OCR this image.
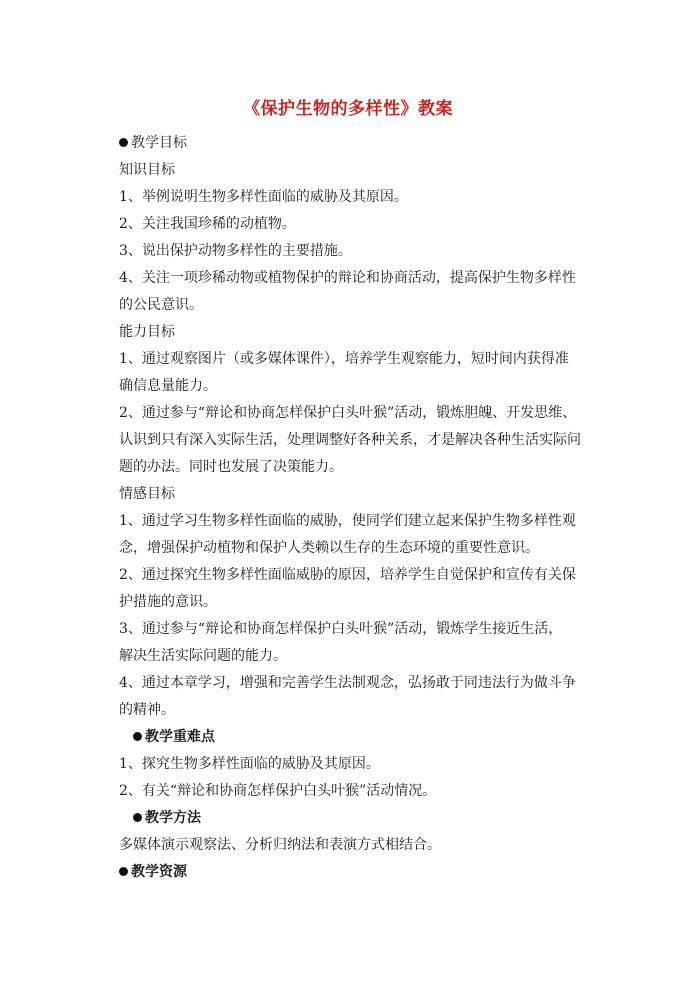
《保护生物的多样性》教案
教学目标
知识目标
1、举例说明生物多样性面临的威胁及其原因。
2、关注我国珍稀的动植物。
3、说出保护动物多样性的主要措施。
4、关注一项珍稀动物或植物保护的辩论和协商活动，提高保护生物多样性
的公民意识。
能力目标
1、通过观察图片（或多媒体课件），培养学生观察能力，短时间内获得准
确信息量能力。
2、通过参与“辩论和协商怎样保护白头叶猴”活动，锻炼胆魄、开发思维、
认识到只有深入实际生活，处理调整好各种关系，才是解决各种生活实际问
题的办法。同时也发展了决策能力。
情感目标
1、通过学习生物多样性面临的威胁，使同学们建立起来保护生物多样性观
念，增强保护动植物和保护人类赖以生存的生态环境的重要性意识。
2、通过探究生物多样性面临威胁的原因，培养学生自觉保护和宣传有关保
护措施的意识。
3、通过参与“辩论和协商怎样保护白头叶猴”活动，锻炼学生接近生活，
解决生活实际问题的能力。
4、通过本章学习，增强和完善学生法制观念，弘扬敢于同违法行为做斗争
的精神。
教学重难点
1、探究生物多样性面临的威胁及其原因。
2、有关“辩论和协商怎样保护白头叶猴”活动情况。
教学方法
多媒体演示观察法、分析归纳法和表演方式相结合。
教学资源
